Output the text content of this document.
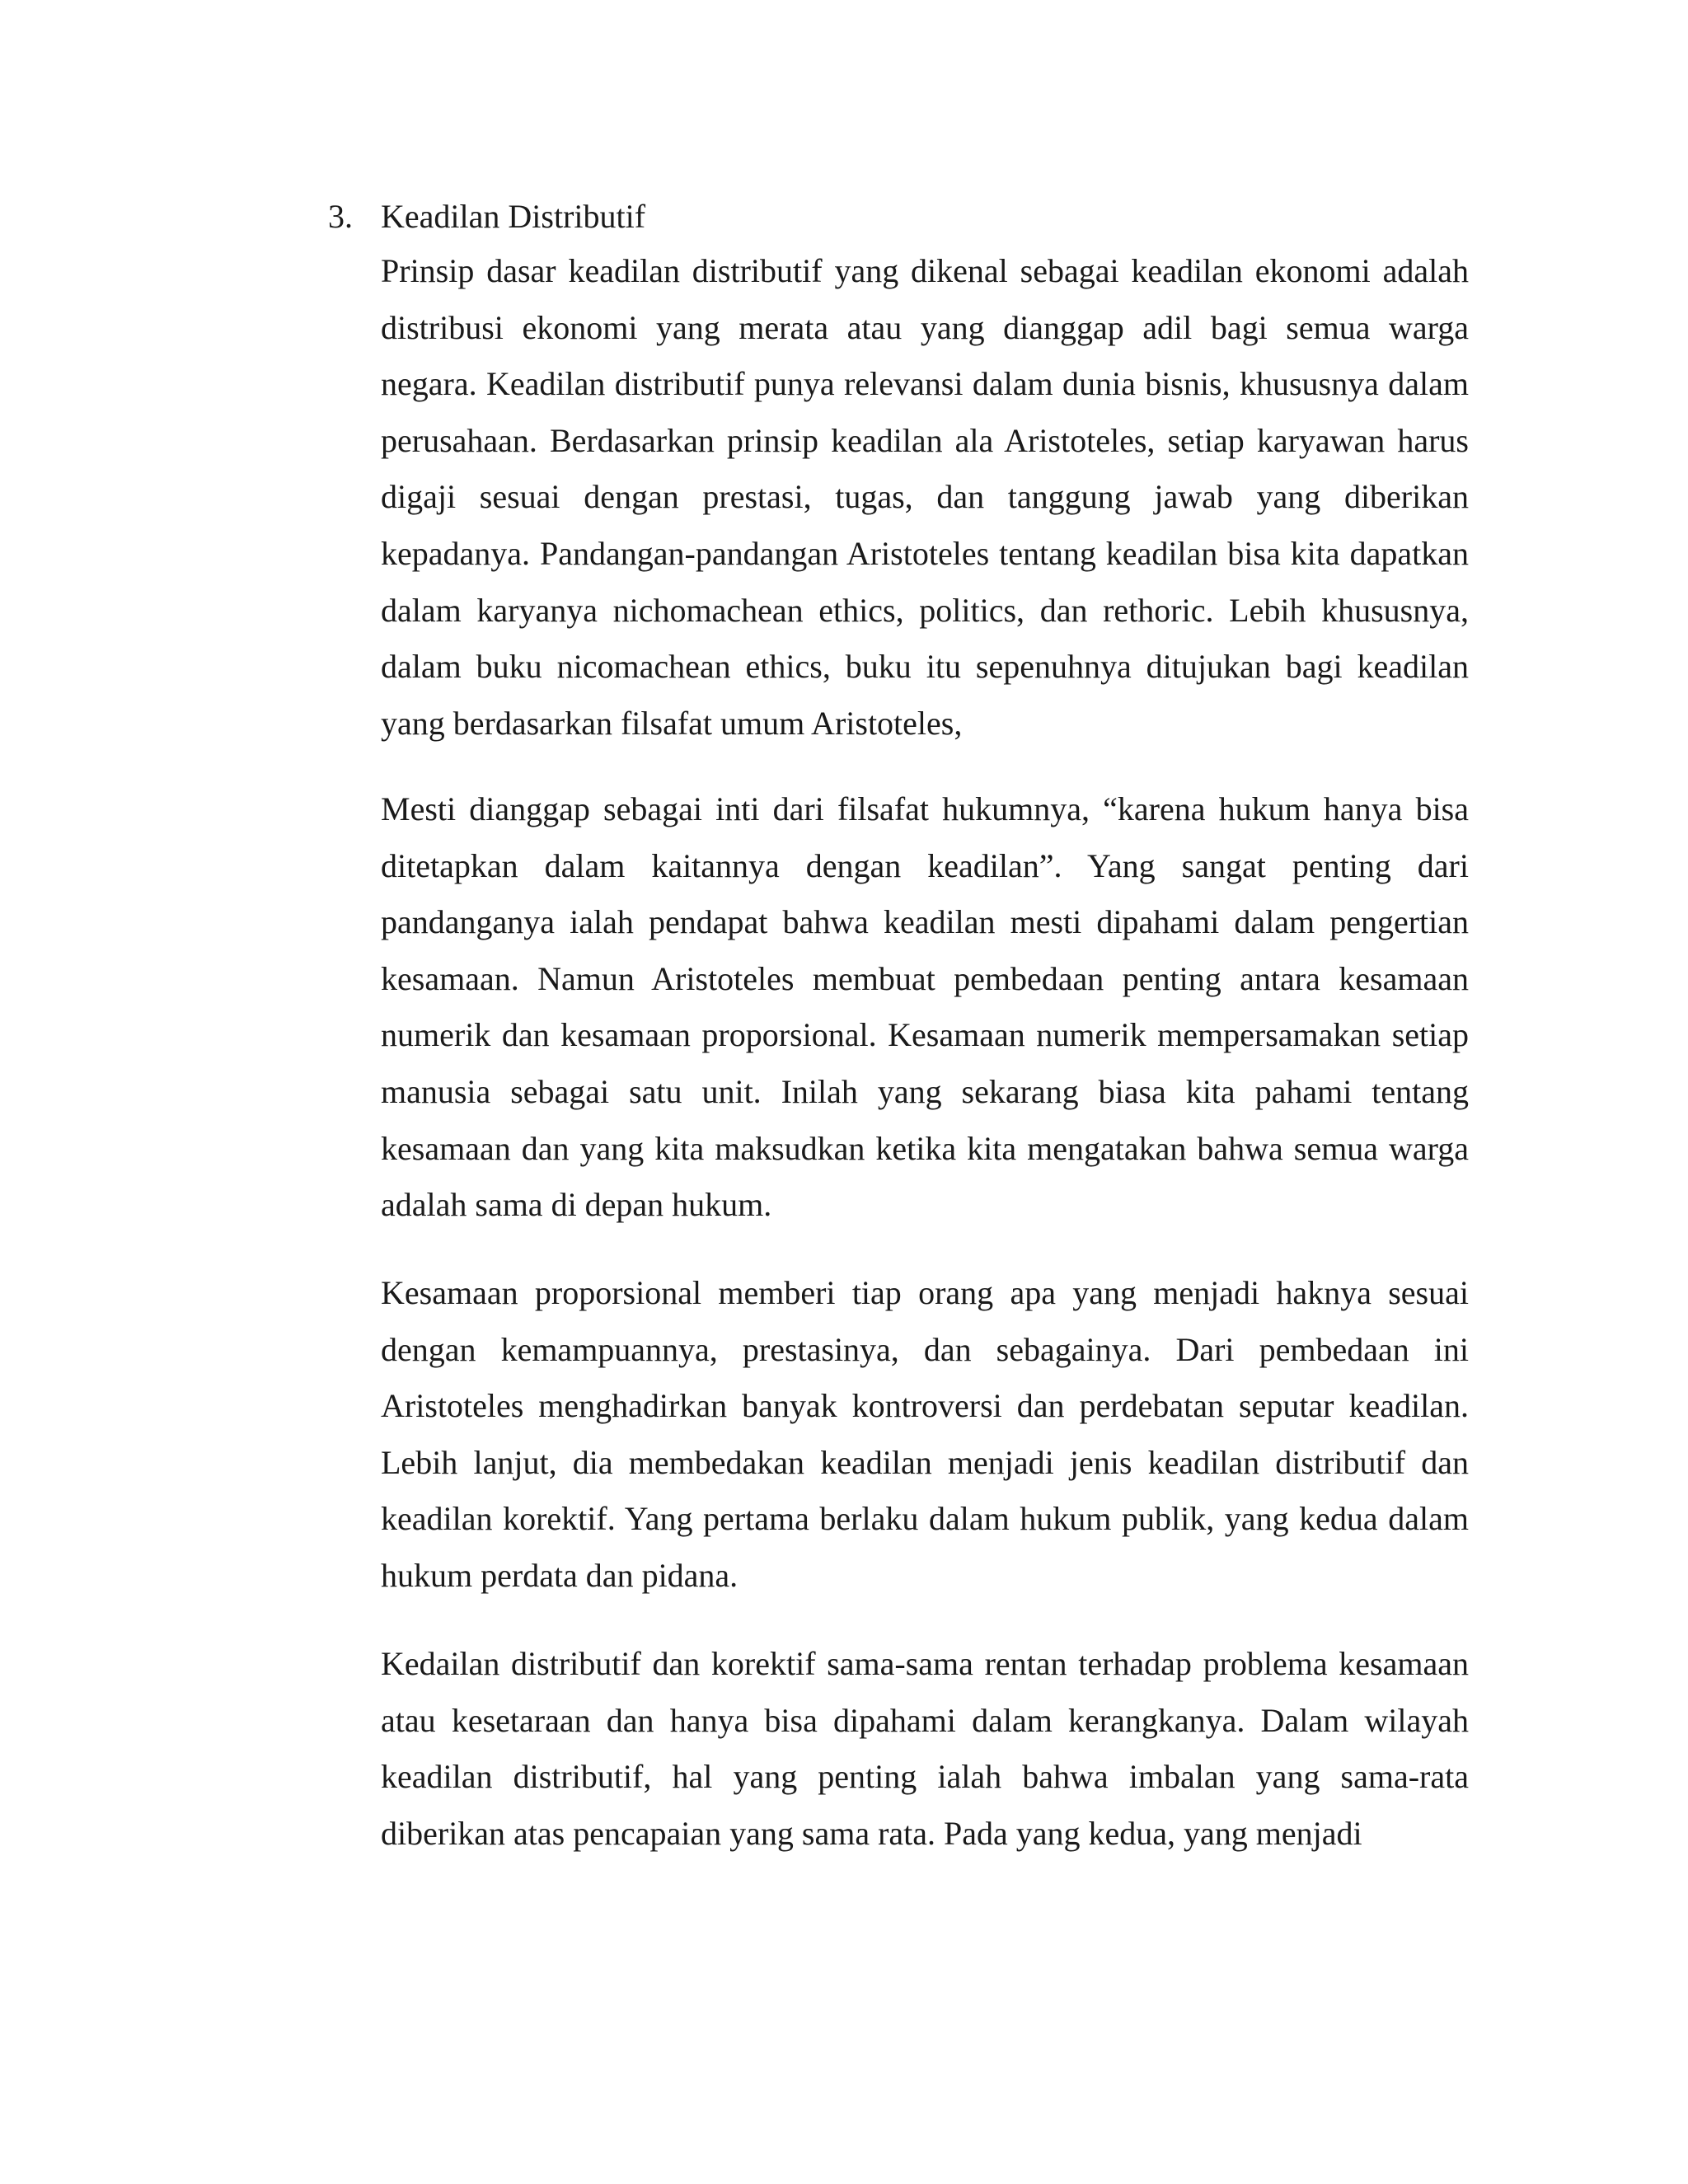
3. Keadilan Distributif

Prinsip dasar keadilan distributif yang dikenal sebagai keadilan ekonomi adalah distribusi ekonomi yang merata atau yang dianggap adil bagi semua warga negara. Keadilan distributif punya relevansi dalam dunia bisnis, khususnya dalam perusahaan. Berdasarkan prinsip keadilan ala Aristoteles, setiap karyawan harus digaji sesuai dengan prestasi, tugas, dan tanggung jawab yang diberikan kepadanya. Pandangan-pandangan Aristoteles tentang keadilan bisa kita dapatkan dalam karyanya nichomachean ethics, politics, dan rethoric. Lebih khususnya, dalam buku nicomachean ethics, buku itu sepenuhnya ditujukan bagi keadilan yang berdasarkan filsafat umum Aristoteles,

Mesti dianggap sebagai inti dari filsafat hukumnya, “karena hukum hanya bisa ditetapkan dalam kaitannya dengan keadilan”. Yang sangat penting dari pandanganya ialah pendapat bahwa keadilan mesti dipahami dalam pengertian kesamaan. Namun Aristoteles membuat pembedaan penting antara kesamaan numerik dan kesamaan proporsional. Kesamaan numerik mempersamakan setiap manusia sebagai satu unit. Inilah yang sekarang biasa kita pahami tentang kesamaan dan yang kita maksudkan ketika kita mengatakan bahwa semua warga adalah sama di depan hukum.

Kesamaan proporsional memberi tiap orang apa yang menjadi haknya sesuai dengan kemampuannya, prestasinya, dan sebagainya. Dari pembedaan ini Aristoteles menghadirkan banyak kontroversi dan perdebatan seputar keadilan. Lebih lanjut, dia membedakan keadilan menjadi jenis keadilan distributif dan keadilan korektif. Yang pertama berlaku dalam hukum publik, yang kedua dalam hukum perdata dan pidana.

Kedailan distributif dan korektif sama-sama rentan terhadap problema kesamaan atau kesetaraan dan hanya bisa dipahami dalam kerangkanya. Dalam wilayah keadilan distributif, hal yang penting ialah bahwa imbalan yang sama-rata diberikan atas pencapaian yang sama rata. Pada yang kedua, yang menjadi
